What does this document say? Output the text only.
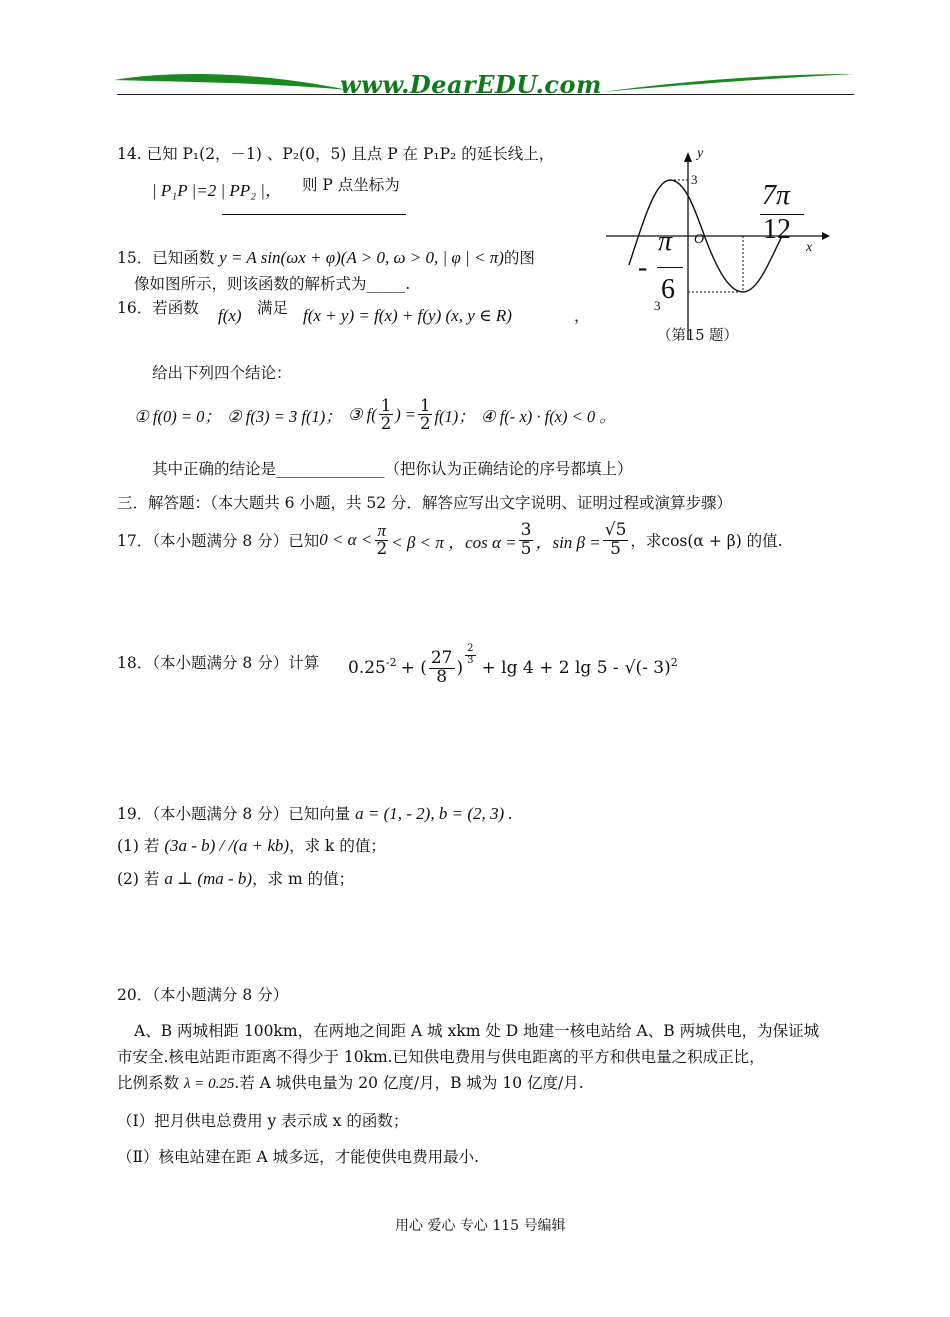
www.DearEDU.com
14. 已知 P₁(2，－1) 、P₂(0，5) 且点 P 在 P₁P₂ 的延长线上，
| P₁P |=2 | PP₂ |， 则 P 点坐标为
15．已知函数 y = A sin(ωx + φ)(A > 0, ω > 0, | φ | < π)的图
像如图所示，则该函数的解析式为_____.
y
3
O
x
3
-
π
6
7π
12
（第15 题）
16．若函数 f(x) 满足 f(x + y) = f(x) + f(y) (x, y ∈ R)	，
给出下列四个结论：
① f(0) = 0； ② f(3) = 3 f(1)； ③ $f( \frac{1}{2}$ ) = $\frac{1}{2} f(1)$； ④ f(- x) · f(x) < 0 。
其中正确的结论是______________（把你认为正确结论的序号都填上）
三．解答题：（本大题共 6 小题，共 52 分．解答应写出文字说明、证明过程或演算步骤）
17．（本小题满分 8 分）已知 $0 < \alpha < \frac{\pi}{2} < \beta < \pi$ ，$\cos \alpha = \frac{3}{5}$ ，$\sin \beta = \frac{√5}{5}$ ，求cos(α + β) 的值.
18．（本小题满分 8 分）计算 $0.25^{-2}$ + ( $\frac{27}{8}$ )
$\frac{2}{3}$
+ lg 4 + 2 lg 5 - √(- 3)$^2$
19．（本小题满分 8 分）已知向量 a = (1, - 2), b = (2, 3) .
(1) 若 (3a - b) / /(a + kb)，求 k 的值；
(2) 若 a ⊥ (ma - b)，求 m 的值；
20．（本小题满分 8 分）
A、B 两城相距 100km，在两地之间距 A 城 xkm 处 D 地建一核电站给 A、B 两城供电，为保证城
市安全.核电站距市距离不得少于 10km.已知供电费用与供电距离的平方和供电量之积成正比，
比例系数 λ = 0.25.若 A 城供电量为 20 亿度/月，B 城为 10 亿度/月.
（Ⅰ）把月供电总费用 y 表示成 x 的函数；
（Ⅱ）核电站建在距 A 城多远，才能使供电费用最小.
用心 爱心 专心 115 号编辑
